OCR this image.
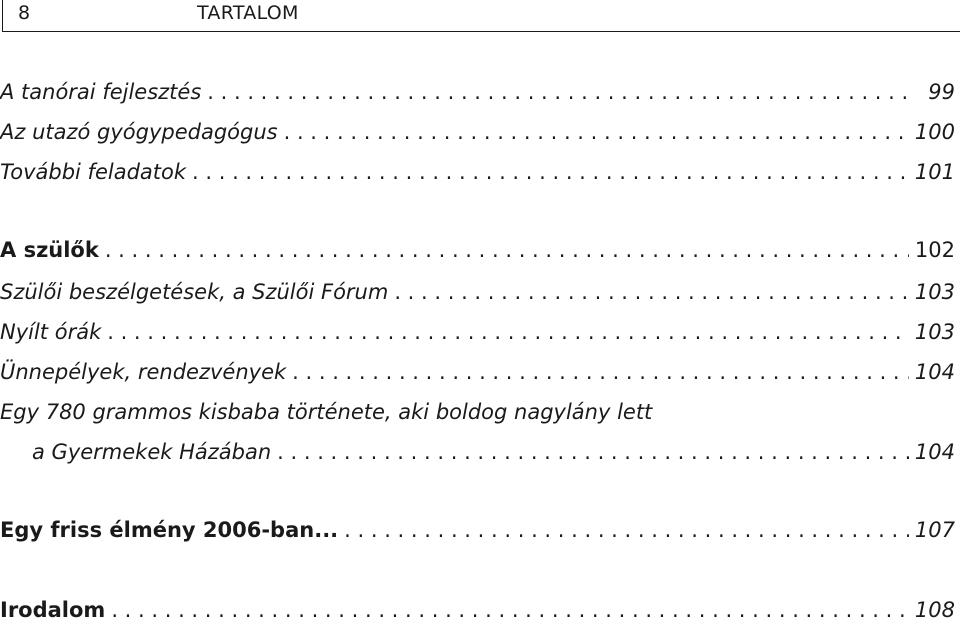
8	TARTALOM
A tanórai fejlesztés . . .	99
Az utazó gyógypedagógus . . .	100
További feladatok . . .	101
A szülők . . .	102
Szülői beszélgetések, a Szülői Fórum . . .	103
Nyílt órák . . .	103
Ünnepélyek, rendezvények . . .	104
Egy 780 grammos kisbaba története, aki boldog nagylány lett
a Gyermekek Házában . . .	104
Egy friss élmény 2006-ban... . . .	107
Irodalom . . .	108
